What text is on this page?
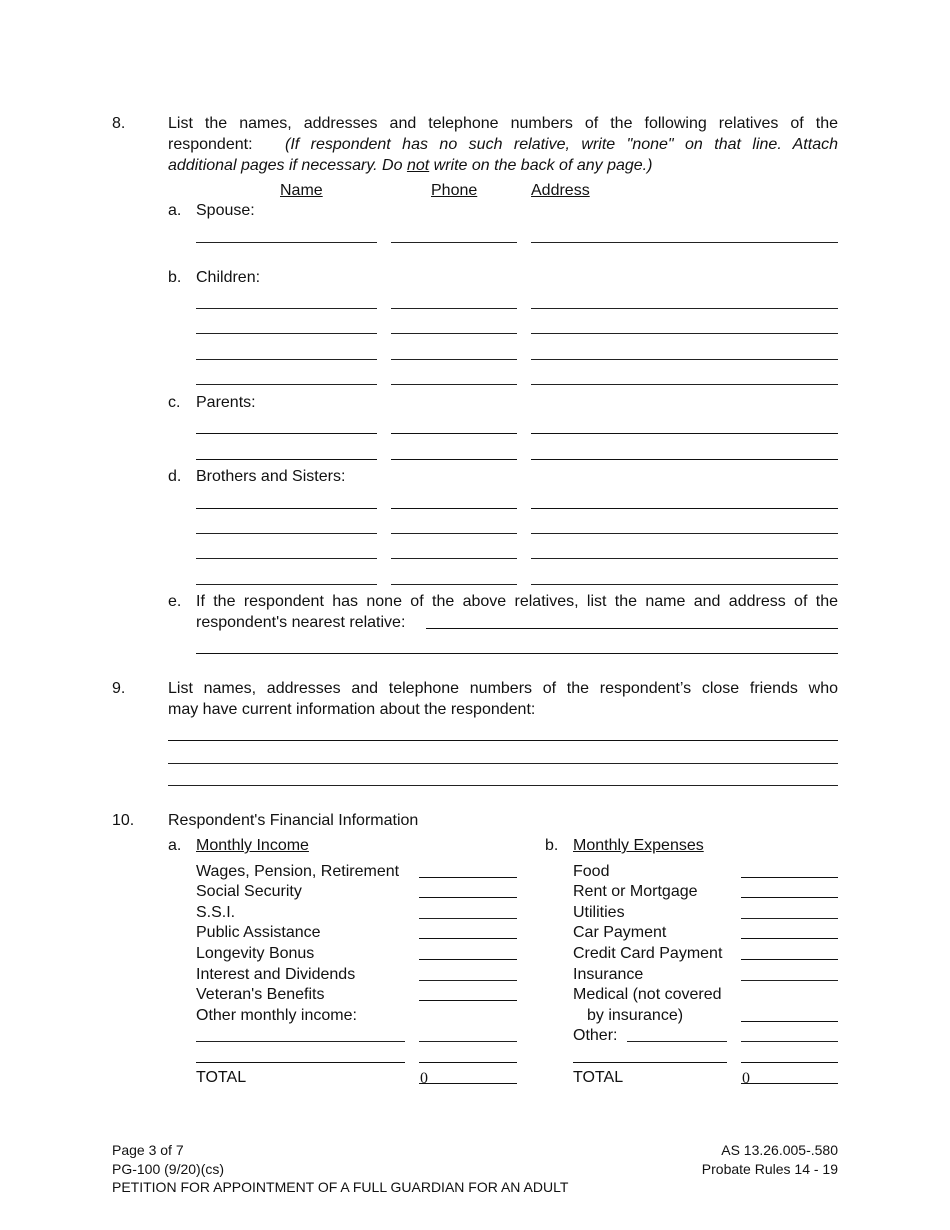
8.	List the names, addresses and telephone numbers of the following relatives of the
respondent: (If respondent has no such relative, write "none" on that line. Attach
additional pages if necessary. Do not write on the back of any page.)
Name	Phone	Address
a. Spouse:
b. Children:
c. Parents:
d. Brothers and Sisters:
e. If the respondent has none of the above relatives, list the name and address of the
respondent's nearest relative:
9.	List names, addresses and telephone numbers of the respondent’s close friends who
may have current information about the respondent:
10. Respondent's Financial Information
a. Monthly Income
Wages, Pension, Retirement
Social Security
S.S.I.
Public Assistance
Longevity Bonus
Interest and Dividends
Veteran's Benefits
Other monthly income:
TOTAL	0
b. Monthly Expenses
Food
Rent or Mortgage
Utilities
Car Payment
Credit Card Payment
Insurance
Medical (not covered
by insurance)
Other:
TOTAL	0
Page 3 of 7
PG-100 (9/20)(cs)
PETITION FOR APPOINTMENT OF A FULL GUARDIAN FOR AN ADULT
AS 13.26.005-.580
Probate Rules 14 - 19
